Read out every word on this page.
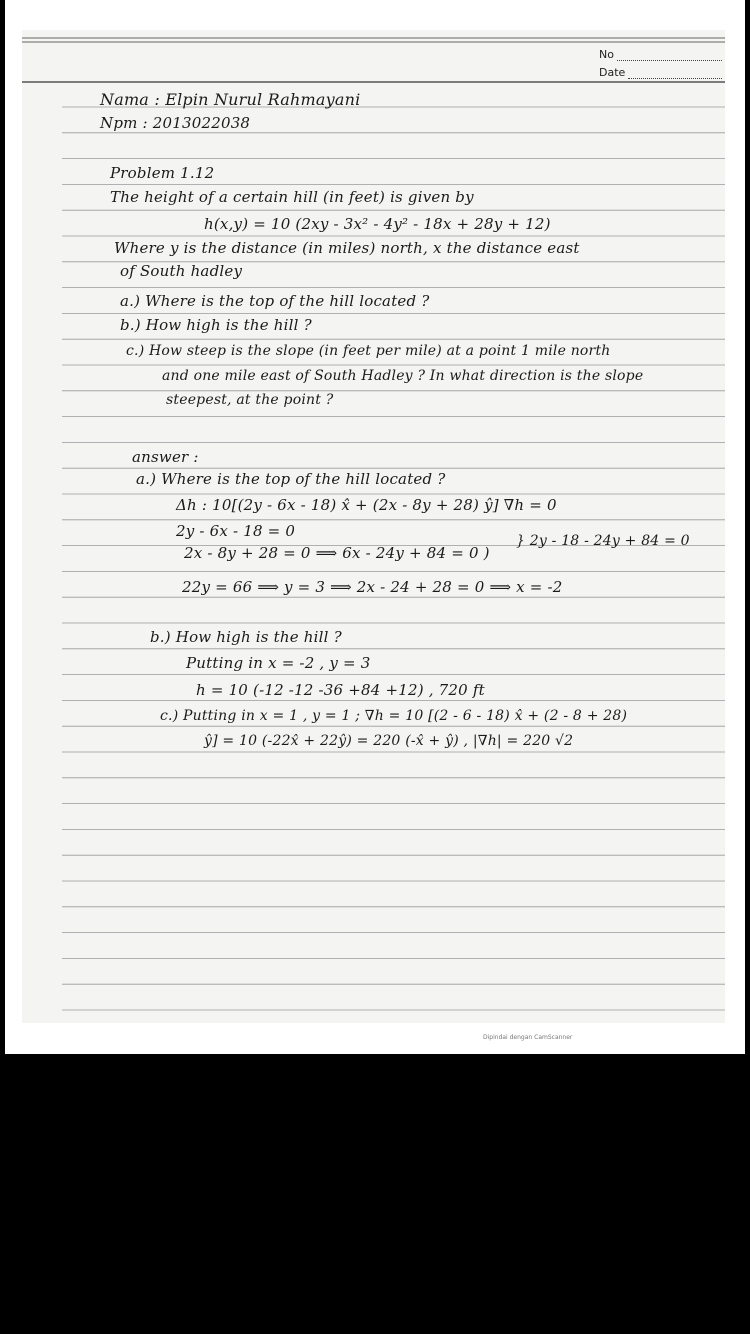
No
Date
Nama : Elpin Nurul Rahmayani
Npm : 2013022038
Problem 1.12
The height of a certain hill (in feet) is given by
h(x,y) = 10 (2xy - 3x² - 4y² - 18x + 28y + 12)
Where y is the distance (in miles) north, x the distance east
of South hadley
a.) Where is the top of the hill located ?
b.) How high is the hill ?
c.) How steep is the slope (in feet per mile) at a point 1 mile north
and one mile east of South Hadley ? In what direction is the slope
steepest, at the point ?
answer :
a.) Where is the top of the hill located ?
Δh : 10[(2y - 6x - 18) x̂ + (2x - 8y + 28) ŷ] ∇h = 0
2y - 6x - 18 = 0
} 2y - 18 - 24y + 84 = 0
2x - 8y + 28 = 0 ⟹ 6x - 24y + 84 = 0 )
22y = 66 ⟹ y = 3 ⟹ 2x - 24 + 28 = 0 ⟹ x = -2
b.) How high is the hill ?
Putting in x = -2 , y = 3
h = 10 (-12 -12 -36 +84 +12) , 720 ft
c.) Putting in x = 1 , y = 1 ; ∇h = 10 [(2 - 6 - 18) x̂ + (2 - 8 + 28)
ŷ] = 10 (-22x̂ + 22ŷ) = 220 (-x̂ + ŷ) , |∇h| = 220 √2
Dipindai dengan CamScanner
